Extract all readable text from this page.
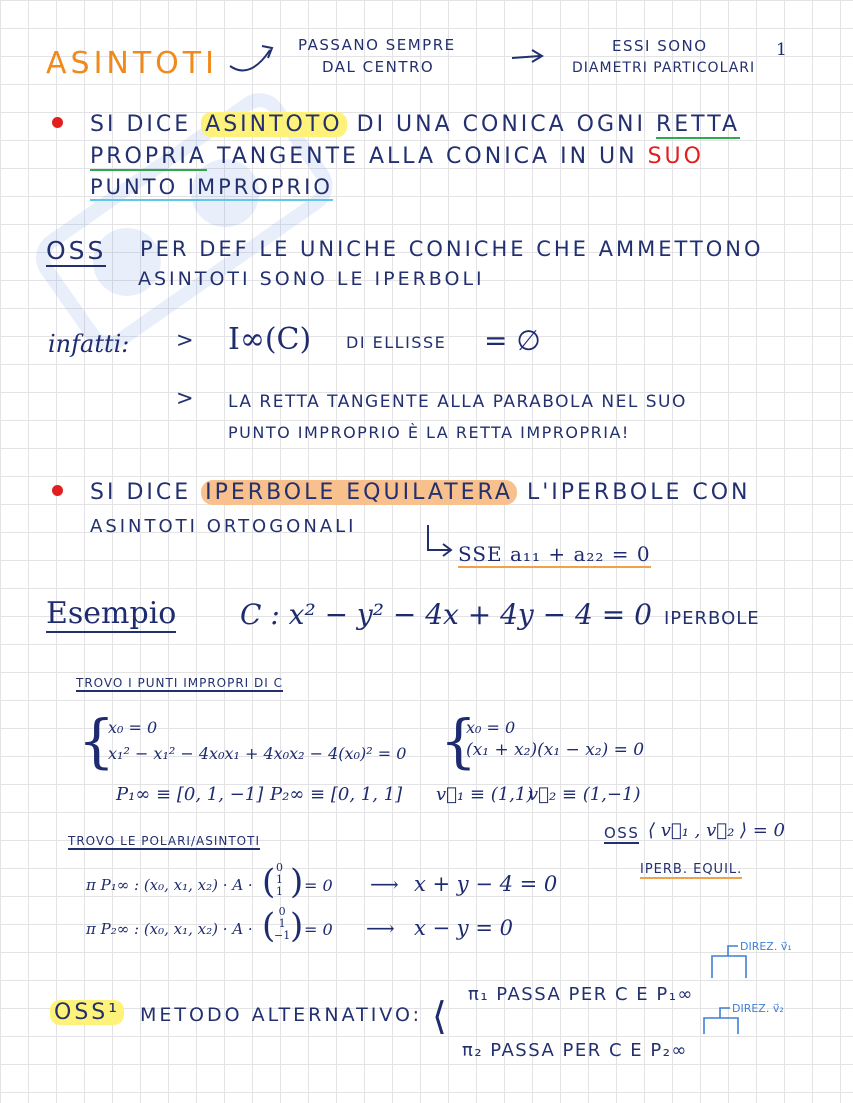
1
ASINTOTI
PASSANO SEMPRE
DAL CENTRO
ESSI SONO
DIAMETRI PARTICOLARI
SI DICE ASINTOTO DI UNA CONICA OGNI RETTA
PROPRIA TANGENTE ALLA CONICA IN UN SUO
PUNTO IMPROPRIO
OSS PER DEF LE UNICHE CONICHE CHE AMMETTONO
ASINTOTI SONO LE IPERBOLI
infatti: > I∞(C) DI ELLISSE = ∅
> LA RETTA TANGENTE ALLA PARABOLA NEL SUO
PUNTO IMPROPRIO È LA RETTA IMPROPRIA!
SI DICE IPERBOLE EQUILATERA L'IPERBOLE CON
ASINTOTI ORTOGONALI
SSE a₁₁ + a₂₂ = 0
Esempio C : x² − y² − 4x + 4y − 4 = 0 IPERBOLE
TROVO I PUNTI IMPROPRI DI C
{
x₀ = 0
x₁² − x₁² − 4x₀x₁ + 4x₀x₂ − 4(x₀)² = 0 {
x₀ = 0
(x₁ + x₂)(x₁ − x₂) = 0
P₁∞ ≡ [0, 1, −1] P₂∞ ≡ [0, 1, 1] v⃗₁ ≡ (1,1)
v⃗₂ ≡ (1,−1)
TROVO LE POLARI/ASINTOTI
π P₁∞ : (x₀, x₁, x₂) · A · ( 0
1
1 ) = 0 ⟶ x + y − 4 = 0
π P₂∞ : (x₀, x₁, x₂) · A · ( 0
1
−1 ) = 0 ⟶ x − y = 0
OSS ⟨ v⃗₁ , v⃗₂ ⟩ = 0
IPERB. EQUIL.
OSS¹ METODO ALTERNATIVO: ⟨ π₁ PASSA PER C E P₁∞
π₂ PASSA PER C E P₂∞
DIREZ. v⃗₁
DIREZ. v⃗₂
